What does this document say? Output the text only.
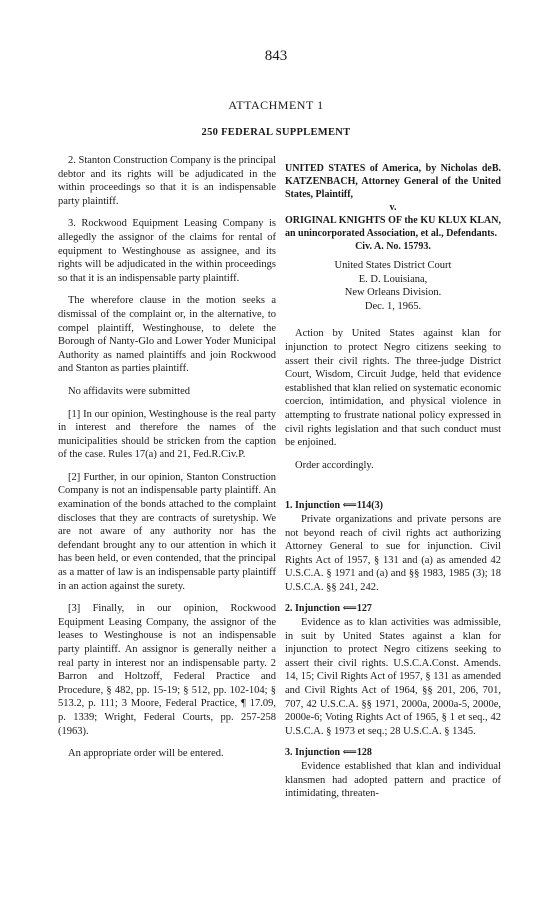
843
ATTACHMENT 1
250 FEDERAL SUPPLEMENT

2. Stanton Construction Company is the principal debtor and its rights will be adjudicated in the within proceedings so that it is an indispensable party plaintiff.

3. Rockwood Equipment Leasing Company is allegedly the assignor of the claims for rental of equipment to Westinghouse as assignee, and its rights will be adjudicated in the within proceedings so that it is an indispensable party plaintiff.

The wherefore clause in the motion seeks a dismissal of the complaint or, in the alternative, to compel plaintiff, Westinghouse, to delete the Borough of Nanty-Glo and Lower Yoder Municipal Authority as named plaintiffs and join Rockwood and Stanton as parties plaintiff.

No affidavits were submitted

[1] In our opinion, Westinghouse is the real party in interest and therefore the names of the municipalities should be stricken from the caption of the case. Rules 17(a) and 21, Fed.R.Civ.P.

[2] Further, in our opinion, Stanton Construction Company is not an indispensable party plaintiff. An examination of the bonds attached to the complaint discloses that they are contracts of suretyship. We are not aware of any authority nor has the defendant brought any to our attention in which it has been held, or even contended, that the principal as a matter of law is an indispensable party plaintiff in an action against the surety.

[3] Finally, in our opinion, Rockwood Equipment Leasing Company, the assignor of the leases to Westinghouse is not an indispensable party plaintiff. An assignor is generally neither a real party in interest nor an indispensable party. 2 Barron and Holtzoff, Federal Practice and Procedure, § 482, pp. 15-19; § 512, pp. 102-104; § 513.2, p. 111; 3 Moore, Federal Practice, ¶ 17.09, p. 1339; Wright, Federal Courts, pp. 257-258 (1963).

An appropriate order will be entered.

UNITED STATES of America, by Nicholas deB. KATZENBACH, Attorney General of the United States, Plaintiff,
v.
ORIGINAL KNIGHTS OF the KU KLUX KLAN, an unincorporated Association, et al., Defendants.
Civ. A. No. 15793.
United States District Court
E. D. Louisiana,
New Orleans Division.
Dec. 1, 1965.

Action by United States against klan for injunction to protect Negro citizens seeking to assert their civil rights. The three-judge District Court, Wisdom, Circuit Judge, held that evidence established that klan relied on systematic economic coercion, intimidation, and physical violence in attempting to frustrate national policy expressed in civil rights legislation and that such conduct must be enjoined.

Order accordingly.

1. Injunction ⟸114(3)
Private organizations and private persons are not beyond reach of civil rights act authorizing Attorney General to sue for injunction. Civil Rights Act of 1957, § 131 and (a) as amended 42 U.S.C.A. § 1971 and (a) and §§ 1983, 1985 (3); 18 U.S.C.A. §§ 241, 242.
2. Injunction ⟸127
Evidence as to klan activities was admissible, in suit by United States against a klan for injunction to protect Negro citizens seeking to assert their civil rights. U.S.C.A.Const. Amends. 14, 15; Civil Rights Act of 1957, § 131 as amended and Civil Rights Act of 1964, §§ 201, 206, 701, 707, 42 U.S.C.A. §§ 1971, 2000a, 2000a-5, 2000e, 2000e-6; Voting Rights Act of 1965, § 1 et seq., 42 U.S.C.A. § 1973 et seq.; 28 U.S.C.A. § 1345.
3. Injunction ⟸128
Evidence established that klan and individual klansmen had adopted pattern and practice of intimidating, threaten-
